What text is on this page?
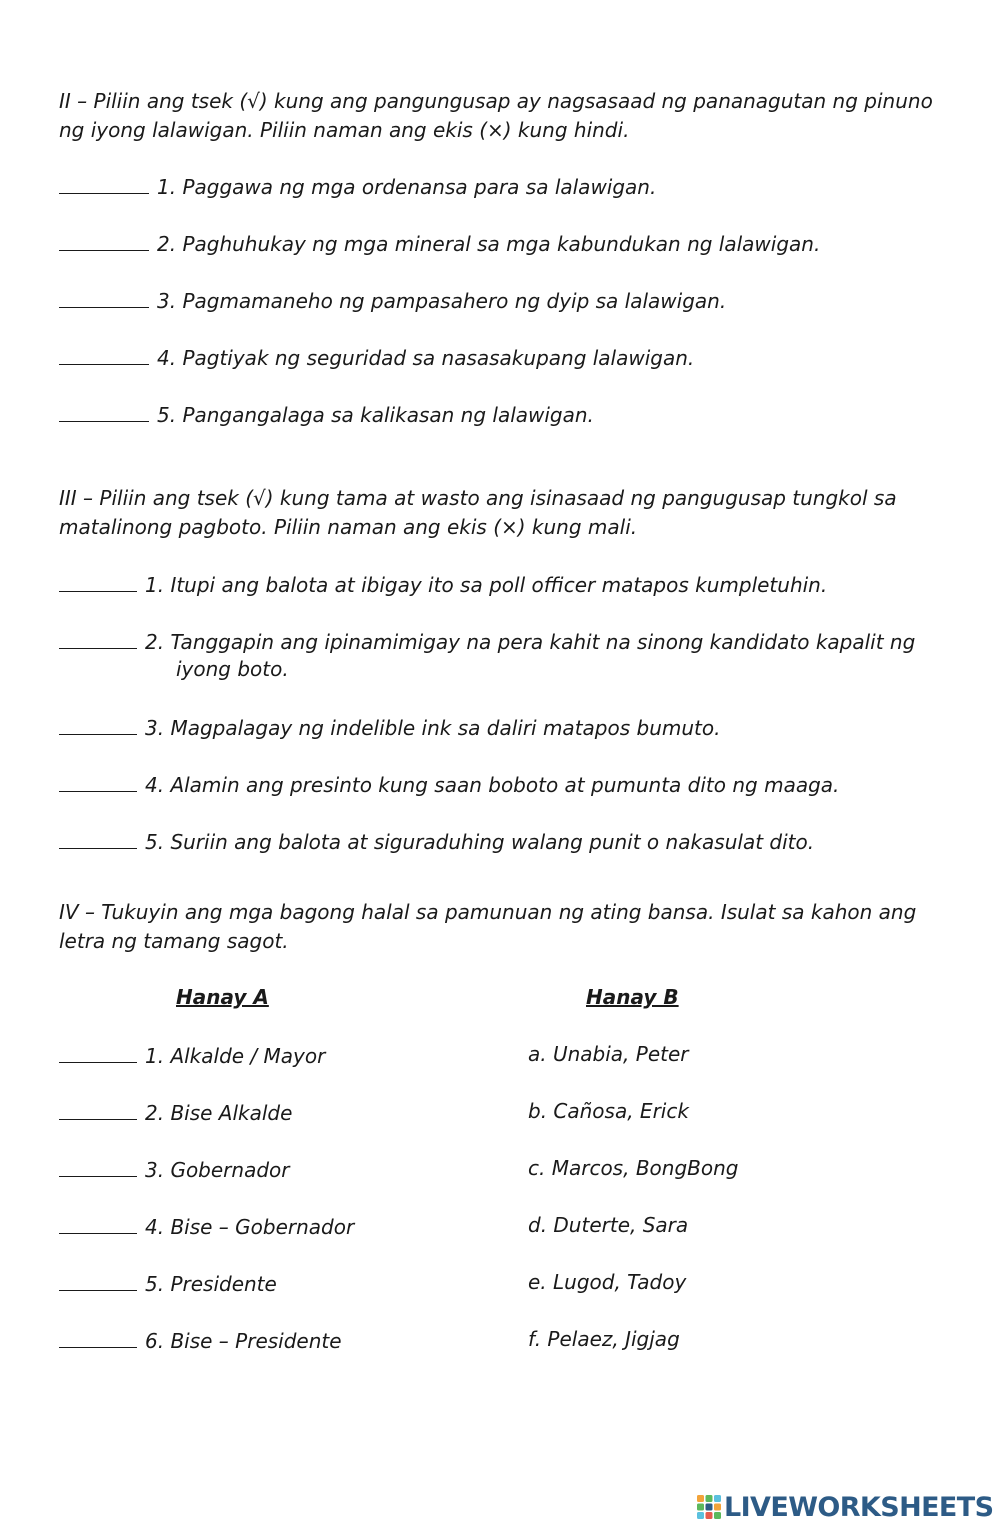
II – Piliin ang tsek (√) kung ang pangungusap ay nagsasaad ng pananagutan ng pinuno ng iyong lalawigan. Piliin naman ang ekis (×) kung hindi.
1. Paggawa ng mga ordenansa para sa lalawigan.
2. Paghuhukay ng mga mineral sa mga kabundukan ng lalawigan.
3. Pagmamaneho ng pampasahero ng dyip sa lalawigan.
4. Pagtiyak ng seguridad sa nasasakupang lalawigan.
5. Pangangalaga sa kalikasan ng lalawigan.
III – Piliin ang tsek (√) kung tama at wasto ang isinasaad ng pangugusap tungkol sa matalinong pagboto. Piliin naman ang ekis (×) kung mali.
1. Itupi ang balota at ibigay ito sa poll officer matapos kumpletuhin.
2. Tanggapin ang ipinamimigay na pera kahit na sinong kandidato kapalit ng
iyong boto.
3. Magpalagay ng indelible ink sa daliri matapos bumuto.
4. Alamin ang presinto kung saan boboto at pumunta dito ng maaga.
5. Suriin ang balota at siguraduhing walang punit o nakasulat dito.
IV – Tukuyin ang mga bagong halal sa pamunuan ng ating bansa. Isulat sa kahon ang letra ng tamang sagot.
Hanay A	Hanay B
1. Alkalde / Mayor	a. Unabia, Peter
2. Bise Alkalde	b. Cañosa, Erick
3. Gobernador	c. Marcos, BongBong
4. Bise – Gobernador	d. Duterte, Sara
5. Presidente	e. Lugod, Tadoy
6. Bise – Presidente	f. Pelaez, Jigjag
LIVEWORKSHEETS
